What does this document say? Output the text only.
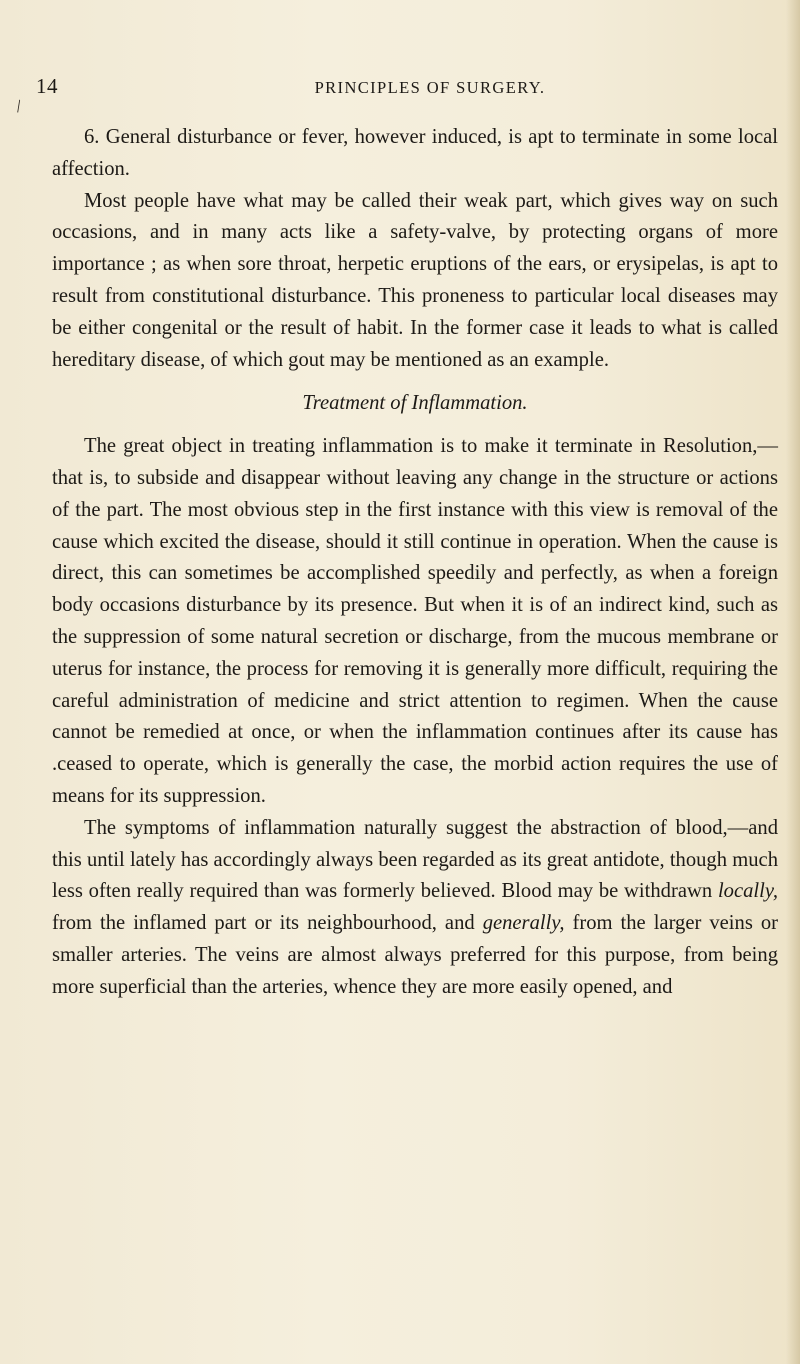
14	PRINCIPLES OF SURGERY.
\

6. General disturbance or fever, however induced, is apt to terminate in some local affection.

Most people have what may be called their weak part, which gives way on such occasions, and in many acts like a safety-valve, by protecting organs of more importance ; as when sore throat, herpetic eruptions of the ears, or erysipelas, is apt to result from constitutional disturbance. This proneness to particular local diseases may be either congenital or the result of habit. In the former case it leads to what is called hereditary disease, of which gout may be mentioned as an example.

Treatment of Inflammation.

The great object in treating inflammation is to make it terminate in Resolution,—that is, to subside and disappear without leaving any change in the structure or actions of the part. The most obvious step in the first instance with this view is removal of the cause which excited the disease, should it still continue in operation. When the cause is direct, this can sometimes be accomplished speedily and perfectly, as when a foreign body occasions disturbance by its presence. But when it is of an indirect kind, such as the suppression of some natural secretion or discharge, from the mucous membrane or uterus for instance, the process for removing it is generally more difficult, requiring the careful administration of medicine and strict attention to regimen. When the cause cannot be remedied at once, or when the inflammation continues after its cause has .ceased to operate, which is generally the case, the morbid action requires the use of means for its suppression.

The symptoms of inflammation naturally suggest the abstraction of blood,—and this until lately has accordingly always been regarded as its great antidote, though much less often really required than was formerly believed. Blood may be withdrawn locally, from the inflamed part or its neighbourhood, and generally, from the larger veins or smaller arteries. The veins are almost always preferred for this purpose, from being more superficial than the arteries, whence they are more easily opened, and
